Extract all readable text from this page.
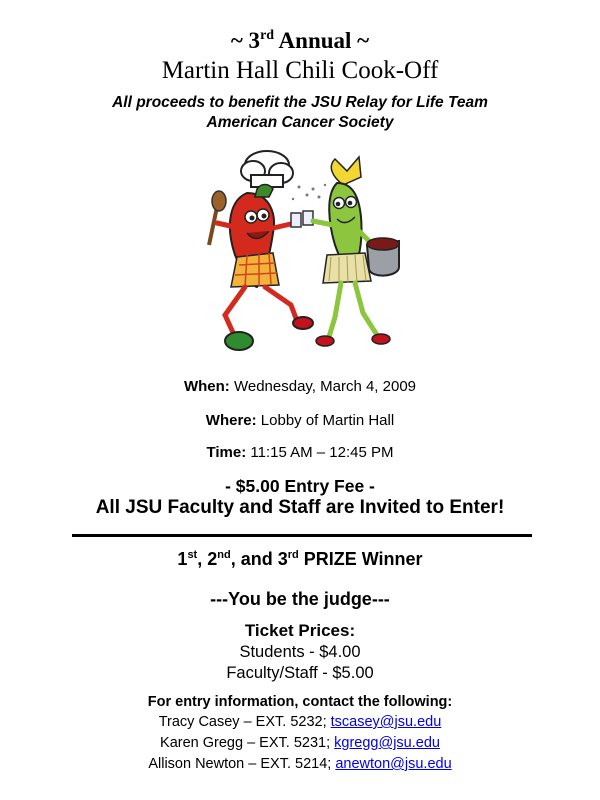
~ 3rd Annual ~
Martin Hall Chili Cook-Off
All proceeds to benefit the JSU Relay for Life Team
American Cancer Society
When: Wednesday, March 4, 2009
Where: Lobby of Martin Hall
Time: 11:15 AM – 12:45 PM
- $5.00 Entry Fee -
All JSU Faculty and Staff are Invited to Enter!
1st, 2nd, and 3rd PRIZE Winner
---You be the judge---
Ticket Prices:
Students - $4.00
Faculty/Staff - $5.00
For entry information, contact the following:
Tracy Casey – EXT. 5232; tscasey@jsu.edu
Karen Gregg – EXT. 5231; kgregg@jsu.edu
Allison Newton – EXT. 5214; anewton@jsu.edu
